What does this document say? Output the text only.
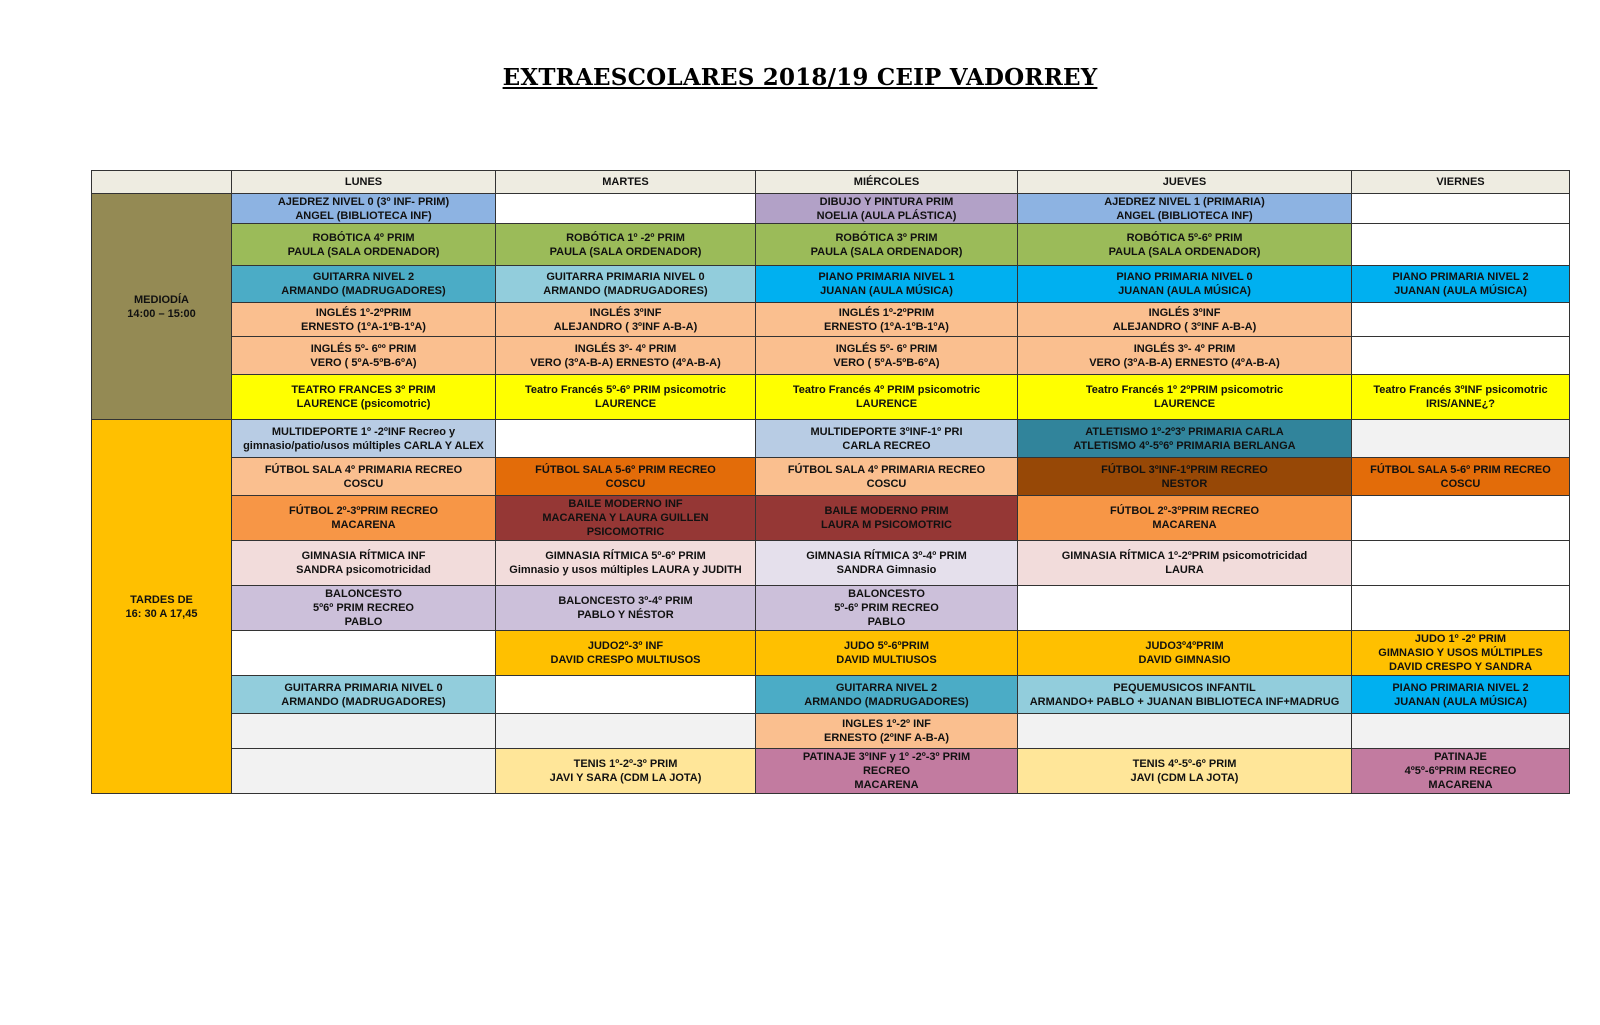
EXTRAESCOLARES 2018/19 CEIP VADORREY
	LUNES	MARTES	MIÉRCOLES	JUEVES	VIERNES

MEDIODÍA
14:00 – 15:00	AJEDREZ NIVEL 0 (3º INF- PRIM)
ANGEL (BIBLIOTECA INF)		DIBUJO Y PINTURA PRIM
NOELIA (AULA PLÁSTICA)	AJEDREZ NIVEL 1 (PRIMARIA)
ANGEL (BIBLIOTECA INF)	

	ROBÓTICA 4º PRIM
PAULA (SALA ORDENADOR)	ROBÓTICA 1º -2º PRIM
PAULA (SALA ORDENADOR)	ROBÓTICA 3º PRIM
PAULA (SALA ORDENADOR)	ROBÓTICA 5º-6º PRIM
PAULA (SALA ORDENADOR)	

	GUITARRA NIVEL 2
ARMANDO (MADRUGADORES)	GUITARRA PRIMARIA NIVEL 0
ARMANDO (MADRUGADORES)	PIANO PRIMARIA NIVEL 1
JUANAN (AULA MÚSICA)	PIANO PRIMARIA NIVEL 0
JUANAN (AULA MÚSICA)	PIANO PRIMARIA NIVEL 2
JUANAN (AULA MÚSICA)

	INGLÉS 1º-2ºPRIM
ERNESTO (1ºA-1ºB-1ºA)	INGLÉS 3ºINF
ALEJANDRO ( 3ºINF A-B-A)	INGLÉS 1º-2ºPRIM
ERNESTO (1ºA-1ºB-1ºA)	INGLÉS 3ºINF
ALEJANDRO ( 3ºINF A-B-A)	

	INGLÉS 5º- 6ºº PRIM
VERO ( 5ºA-5ºB-6ºA)	INGLÉS 3º- 4º PRIM
VERO (3ºA-B-A) ERNESTO (4ºA-B-A)	INGLÉS 5º- 6º PRIM
VERO ( 5ºA-5ºB-6ºA)	INGLÉS 3º- 4º PRIM
VERO (3ºA-B-A) ERNESTO (4ºA-B-A)	

	TEATRO FRANCES 3º PRIM
LAURENCE (psicomotric)	Teatro Francés 5º-6º PRIM psicomotric
LAURENCE	Teatro Francés 4º PRIM psicomotric
LAURENCE	Teatro Francés 1º 2ºPRIM psicomotric
LAURENCE	Teatro Francés 3ºINF psicomotric
IRIS/ANNE¿?

TARDES DE
16: 30 A 17,45	MULTIDEPORTE 1º -2ºINF Recreo y
gimnasio/patio/usos múltiples CARLA Y ALEX		MULTIDEPORTE 3ºINF-1º PRI
CARLA RECREO	ATLETISMO 1º-2º3º PRIMARIA CARLA
ATLETISMO 4º-5º6º PRIMARIA BERLANGA	

	FÚTBOL SALA 4º PRIMARIA RECREO
COSCU	FÚTBOL SALA 5-6º PRIM RECREO
COSCU	FÚTBOL SALA 4º PRIMARIA RECREO
COSCU	FÚTBOL 3ºINF-1ºPRIM RECREO
NESTOR	FÚTBOL SALA 5-6º PRIM RECREO
COSCU

	FÚTBOL 2º-3ºPRIM RECREO
MACARENA	BAILE MODERNO INF
MACARENA Y LAURA GUILLEN
PSICOMOTRIC	BAILE MODERNO PRIM
LAURA M PSICOMOTRIC	FÚTBOL 2º-3ºPRIM RECREO
MACARENA	

	GIMNASIA RÍTMICA INF
SANDRA psicomotricidad	GIMNASIA RÍTMICA 5º-6º PRIM
Gimnasio y usos múltiples LAURA y JUDITH	GIMNASIA RÍTMICA 3º-4º PRIM
SANDRA Gimnasio	GIMNASIA RÍTMICA 1º-2ºPRIM psicomotricidad
LAURA	

	BALONCESTO
5º6º PRIM RECREO
PABLO	BALONCESTO 3º-4º PRIM
PABLO Y NÉSTOR	BALONCESTO
5º-6º PRIM RECREO
PABLO		

		JUDO2º-3º INF
DAVID CRESPO MULTIUSOS	JUDO 5º-6ºPRIM
DAVID MULTIUSOS	JUDO3º4ºPRIM
DAVID GIMNASIO	JUDO 1º -2º PRIM
GIMNASIO Y USOS MÚLTIPLES
DAVID CRESPO Y SANDRA

	GUITARRA PRIMARIA NIVEL 0
ARMANDO (MADRUGADORES)		GUITARRA NIVEL 2
ARMANDO (MADRUGADORES)	PEQUEMUSICOS INFANTIL
ARMANDO+ PABLO + JUANAN BIBLIOTECA INF+MADRUG	PIANO PRIMARIA NIVEL 2
JUANAN (AULA MÚSICA)

			INGLES 1º-2º INF
ERNESTO (2ºINF A-B-A)		

		TENIS 1º-2º-3º PRIM
JAVI Y SARA (CDM LA JOTA)	PATINAJE 3ºINF y 1º -2º-3º PRIM
RECREO
MACARENA	TENIS 4º-5º-6º PRIM
JAVI (CDM LA JOTA)	PATINAJE
4º5º-6ºPRIM RECREO
MACARENA
